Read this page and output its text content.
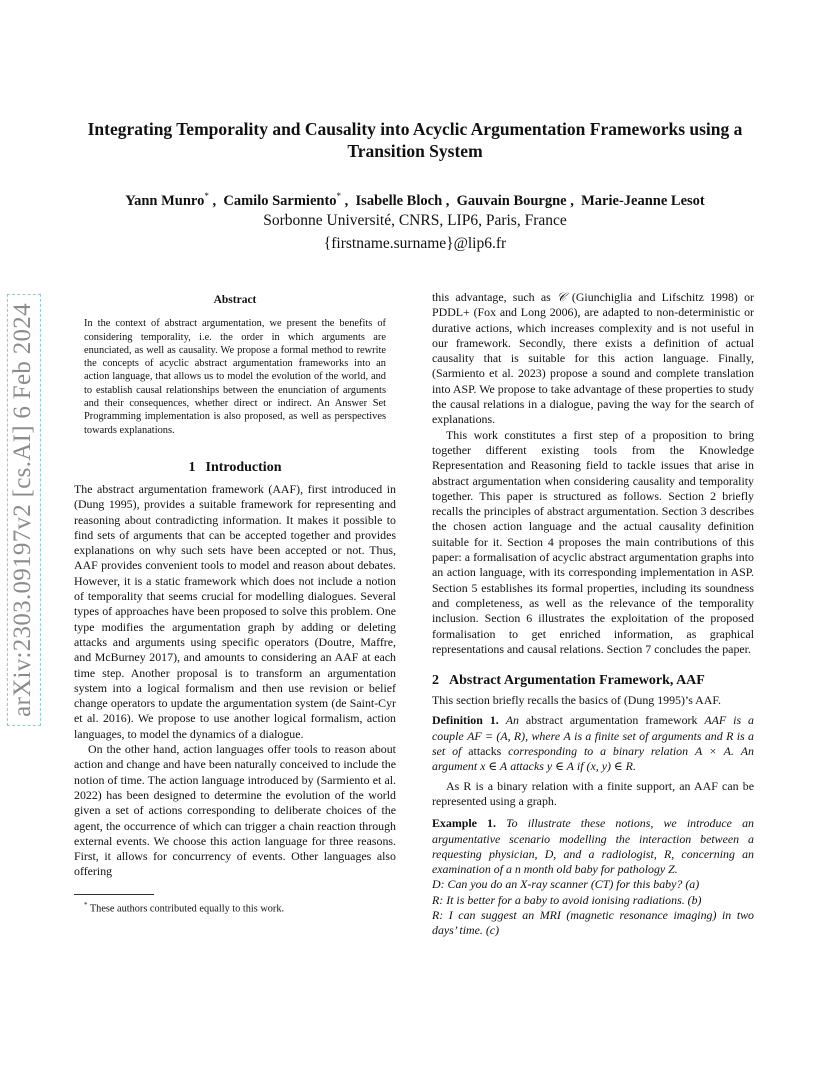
arXiv:2303.09197v2 [cs.AI] 6 Feb 2024
Integrating Temporality and Causality into Acyclic Argumentation Frameworks using a Transition System
Yann Munro* ,  Camilo Sarmiento* ,  Isabelle Bloch ,  Gauvain Bourgne ,  Marie-Jeanne Lesot
Sorbonne Université, CNRS, LIP6, Paris, France
{firstname.surname}@lip6.fr
Abstract

In the context of abstract argumentation, we present the benefits of considering temporality, i.e. the order in which arguments are enunciated, as well as causality. We propose a formal method to rewrite the concepts of acyclic abstract argumentation frameworks into an action language, that allows us to model the evolution of the world, and to establish causal relationships between the enunciation of arguments and their consequences, whether direct or indirect. An Answer Set Programming implementation is also proposed, as well as perspectives towards explanations.

1 Introduction

The abstract argumentation framework (AAF), first introduced in (Dung 1995), provides a suitable framework for representing and reasoning about contradicting information. It makes it possible to find sets of arguments that can be accepted together and provides explanations on why such sets have been accepted or not. Thus, AAF provides convenient tools to model and reason about debates. However, it is a static framework which does not include a notion of temporality that seems crucial for modelling dialogues. Several types of approaches have been proposed to solve this problem. One type modifies the argumentation graph by adding or deleting attacks and arguments using specific operators (Doutre, Maffre, and McBurney 2017), and amounts to considering an AAF at each time step. Another proposal is to transform an argumentation system into a logical formalism and then use revision or belief change operators to update the argumentation system (de Saint-Cyr et al. 2016). We propose to use another logical formalism, action languages, to model the dynamics of a dialogue.

On the other hand, action languages offer tools to reason about action and change and have been naturally conceived to include the notion of time. The action language introduced by (Sarmiento et al. 2022) has been designed to determine the evolution of the world given a set of actions corresponding to deliberate choices of the agent, the occurrence of which can trigger a chain reaction through external events. We choose this action language for three reasons. First, it allows for concurrency of events. Other languages also offering

* These authors contributed equally to this work.

this advantage, such as 𝒞 (Giunchiglia and Lifschitz 1998) or PDDL+ (Fox and Long 2006), are adapted to non-deterministic or durative actions, which increases complexity and is not useful in our framework. Secondly, there exists a definition of actual causality that is suitable for this action language. Finally, (Sarmiento et al. 2023) propose a sound and complete translation into ASP. We propose to take advantage of these properties to study the causal relations in a dialogue, paving the way for the search of explanations.

This work constitutes a first step of a proposition to bring together different existing tools from the Knowledge Representation and Reasoning field to tackle issues that arise in abstract argumentation when considering causality and temporality together. This paper is structured as follows. Section 2 briefly recalls the principles of abstract argumentation. Section 3 describes the chosen action language and the actual causality definition suitable for it. Section 4 proposes the main contributions of this paper: a formalisation of acyclic abstract argumentation graphs into an action language, with its corresponding implementation in ASP. Section 5 establishes its formal properties, including its soundness and completeness, as well as the relevance of the temporality inclusion. Section 6 illustrates the exploitation of the proposed formalisation to get enriched information, as graphical representations and causal relations. Section 7 concludes the paper.

2 Abstract Argumentation Framework, AAF

This section briefly recalls the basics of (Dung 1995)’s AAF.

Definition 1. An abstract argumentation framework AAF is a couple AF = (A, R), where A is a finite set of arguments and R is a set of attacks corresponding to a binary relation A × A. An argument x ∈ A attacks y ∈ A if (x, y) ∈ R.

As R is a binary relation with a finite support, an AAF can be represented using a graph.

Example 1. To illustrate these notions, we introduce an argumentative scenario modelling the interaction between a requesting physician, D, and a radiologist, R, concerning an examination of a n month old baby for pathology Z.

D: Can you do an X-ray scanner (CT) for this baby? (a)

R: It is better for a baby to avoid ionising radiations. (b)

R: I can suggest an MRI (magnetic resonance imaging) in two days’ time. (c)
